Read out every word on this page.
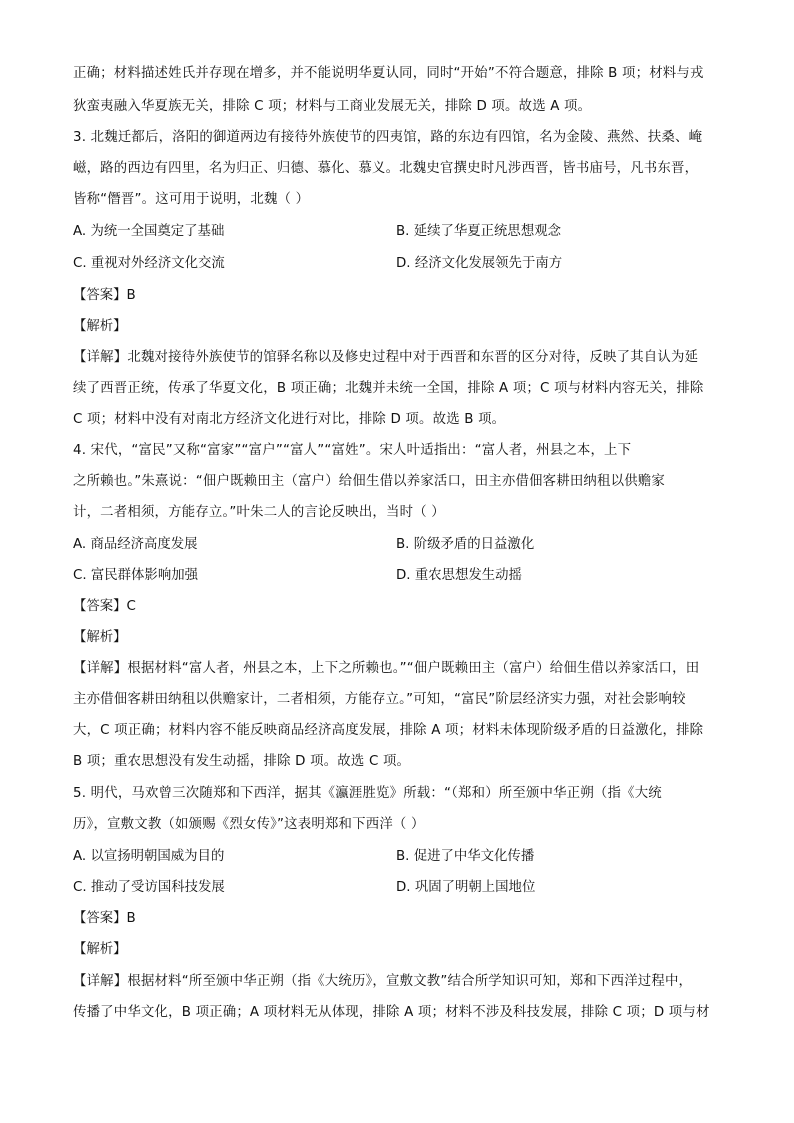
正确；材料描述姓氏并存现在增多，并不能说明华夏认同，同时“开始”不符合题意，排除 B 项；材料与戎
狄蛮夷融入华夏族无关，排除 C 项；材料与工商业发展无关，排除 D 项。故选 A 项。
3. 北魏迁都后，洛阳的御道两边有接待外族使节的四夷馆，路的东边有四馆，名为金陵、燕然、扶桑、崦
嵫，路的西边有四里，名为归正、归德、慕化、慕义。北魏史官撰史时凡涉西晋，皆书庙号，凡书东晋，
皆称“僭晋”。这可用于说明，北魏（ ）
A. 为统一全国奠定了基础	B. 延续了华夏正统思想观念
C. 重视对外经济文化交流	D. 经济文化发展领先于南方
【答案】B
【解析】
【详解】北魏对接待外族使节的馆驿名称以及修史过程中对于西晋和东晋的区分对待，反映了其自认为延
续了西晋正统，传承了华夏文化，B 项正确；北魏并未统一全国，排除 A 项；C 项与材料内容无关，排除
C 项；材料中没有对南北方经济文化进行对比，排除 D 项。故选 B 项。
4. 宋代，“富民”又称“富家”“富户”“富人”“富姓”。宋人叶适指出：“富人者，州县之本，上下
之所赖也。”朱熹说：“佃户既赖田主（富户）给佃生借以养家活口，田主亦借佃客耕田纳租以供赡家
计，二者相须，方能存立。”叶朱二人的言论反映出，当时（ ）
A. 商品经济高度发展	B. 阶级矛盾的日益激化
C. 富民群体影响加强	D. 重农思想发生动摇
【答案】C
【解析】
【详解】根据材料“富人者，州县之本，上下之所赖也。”“佃户既赖田主（富户）给佃生借以养家活口，田
主亦借佃客耕田纳租以供赡家计，二者相须，方能存立。”可知，“富民”阶层经济实力强，对社会影响较
大，C 项正确；材料内容不能反映商品经济高度发展，排除 A 项；材料未体现阶级矛盾的日益激化，排除
B 项；重农思想没有发生动摇，排除 D 项。故选 C 项。
5. 明代，马欢曾三次随郑和下西洋，据其《瀛涯胜览》所载：“（郑和）所至颁中华正朔（指《大统
历》，宣敷文教（如颁赐《烈女传》”这表明郑和下西洋（ ）
A. 以宣扬明朝国威为目的	B. 促进了中华文化传播
C. 推动了受访国科技发展	D. 巩固了明朝上国地位
【答案】B
【解析】
【详解】根据材料“所至颁中华正朔（指《大统历》，宣敷文教”结合所学知识可知，郑和下西洋过程中，
传播了中华文化，B 项正确；A 项材料无从体现，排除 A 项；材料不涉及科技发展，排除 C 项；D 项与材
